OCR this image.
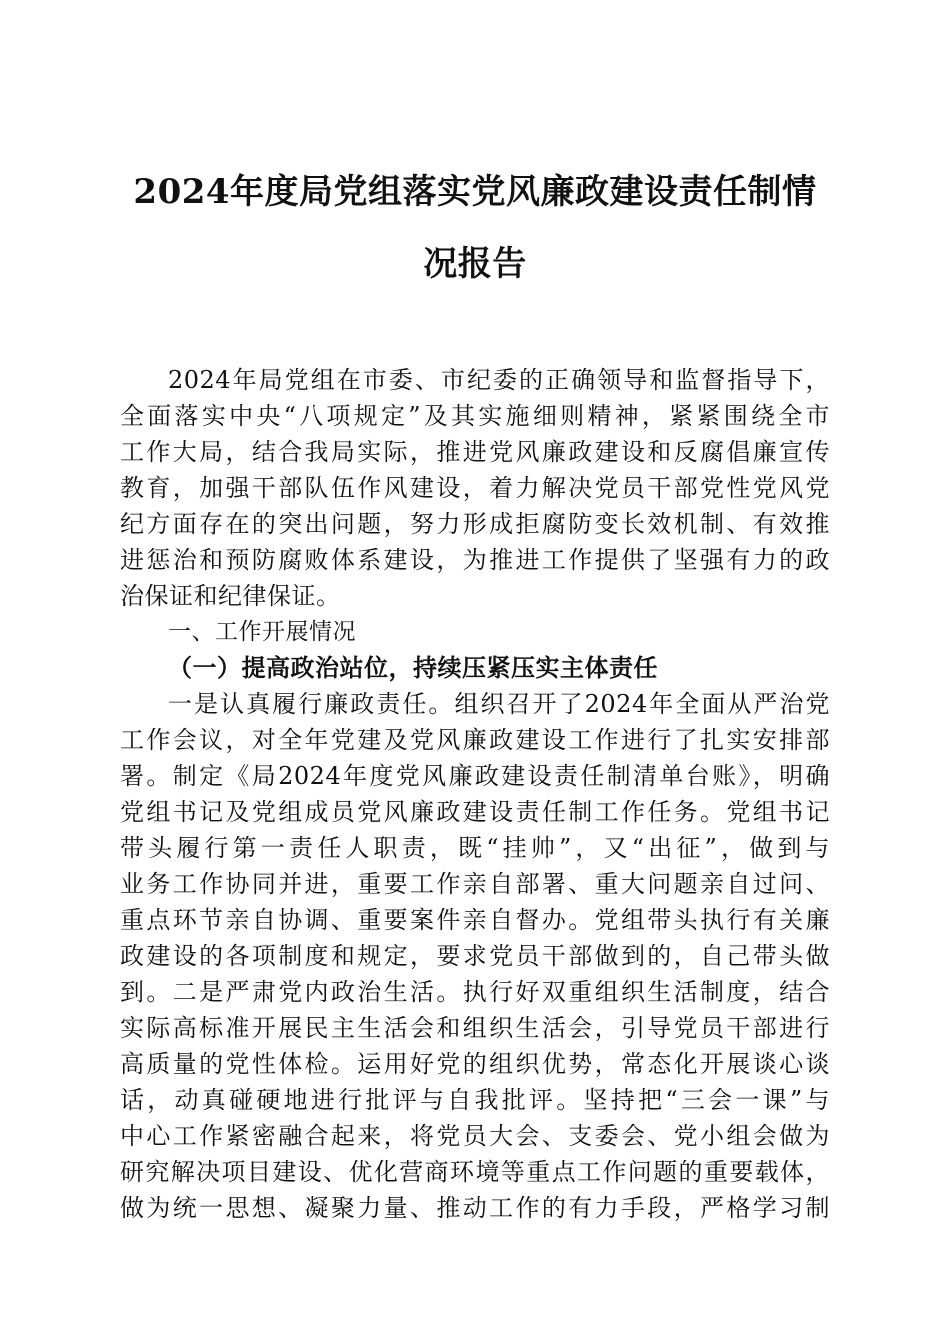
2024年度局党组落实党风廉政建设责任制情
况报告
2024年局党组在市委、市纪委的正确领导和监督指导下，
全面落实中央“八项规定”及其实施细则精神，紧紧围绕全市
工作大局，结合我局实际，推进党风廉政建设和反腐倡廉宣传
教育，加强干部队伍作风建设，着力解决党员干部党性党风党
纪方面存在的突出问题，努力形成拒腐防变长效机制、有效推
进惩治和预防腐败体系建设，为推进工作提供了坚强有力的政
治保证和纪律保证。
一、工作开展情况
（一）提高政治站位，持续压紧压实主体责任
一是认真履行廉政责任。组织召开了2024年全面从严治党
工作会议，对全年党建及党风廉政建设工作进行了扎实安排部
署。制定《局2024年度党风廉政建设责任制清单台账》，明确
党组书记及党组成员党风廉政建设责任制工作任务。党组书记
带头履行第一责任人职责，既“挂帅”，又“出征”，做到与
业务工作协同并进，重要工作亲自部署、重大问题亲自过问、
重点环节亲自协调、重要案件亲自督办。党组带头执行有关廉
政建设的各项制度和规定，要求党员干部做到的，自己带头做
到。二是严肃党内政治生活。执行好双重组织生活制度，结合
实际高标准开展民主生活会和组织生活会，引导党员干部进行
高质量的党性体检。运用好党的组织优势，常态化开展谈心谈
话，动真碰硬地进行批评与自我批评。坚持把“三会一课”与
中心工作紧密融合起来，将党员大会、支委会、党小组会做为
研究解决项目建设、优化营商环境等重点工作问题的重要载体，
做为统一思想、凝聚力量、推动工作的有力手段，严格学习制
